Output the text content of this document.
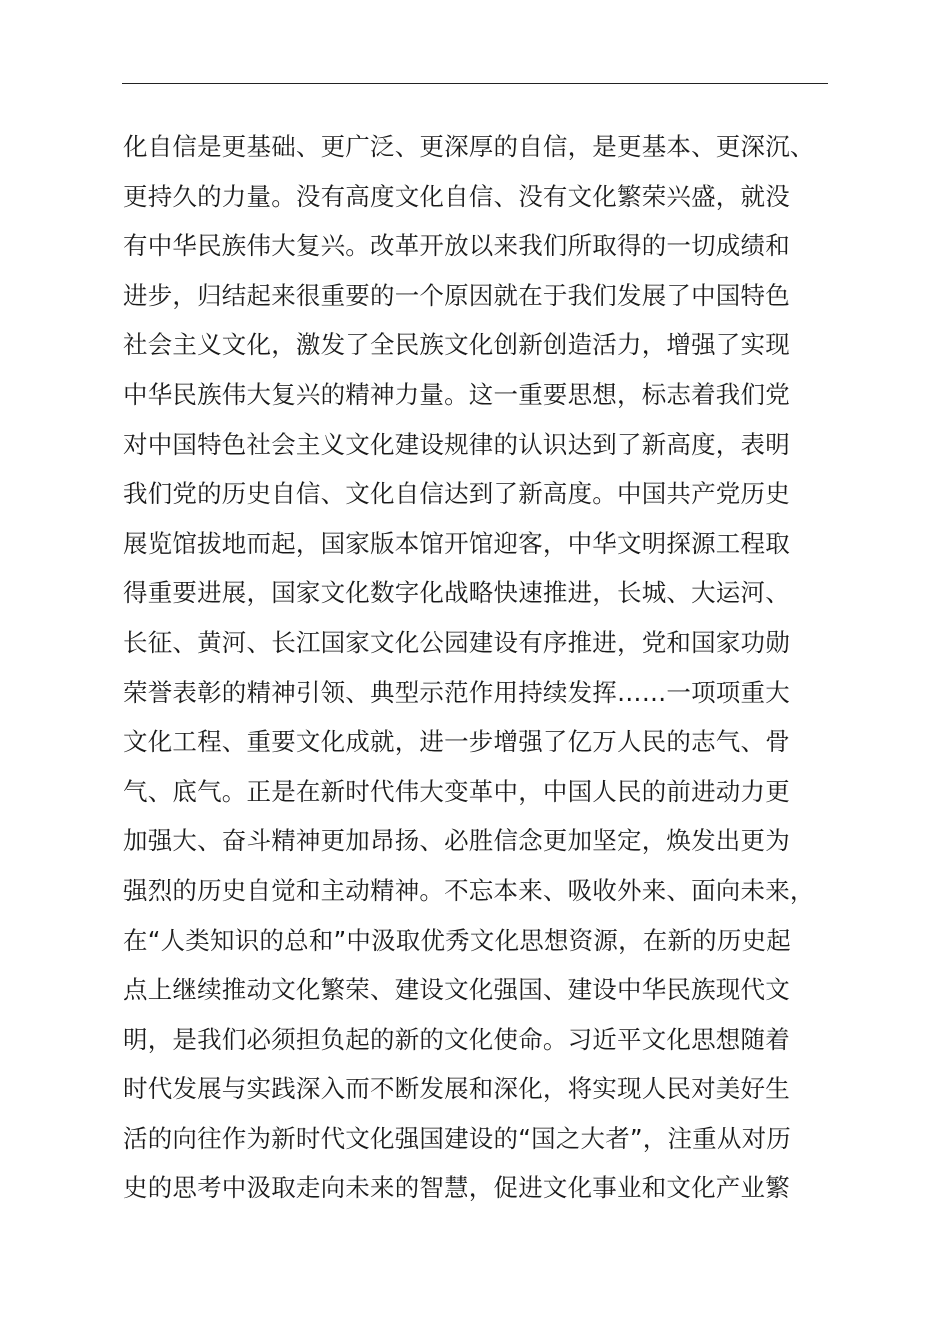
化自信是更基础、更广泛、更深厚的自信，是更基本、更深沉、
更持久的力量。没有高度文化自信、没有文化繁荣兴盛，就没
有中华民族伟大复兴。改革开放以来我们所取得的一切成绩和
进步，归结起来很重要的一个原因就在于我们发展了中国特色
社会主义文化，激发了全民族文化创新创造活力，增强了实现
中华民族伟大复兴的精神力量。这一重要思想，标志着我们党
对中国特色社会主义文化建设规律的认识达到了新高度，表明
我们党的历史自信、文化自信达到了新高度。中国共产党历史
展览馆拔地而起，国家版本馆开馆迎客，中华文明探源工程取
得重要进展，国家文化数字化战略快速推进，长城、大运河、
长征、黄河、长江国家文化公园建设有序推进，党和国家功勋
荣誉表彰的精神引领、典型示范作用持续发挥……一项项重大
文化工程、重要文化成就，进一步增强了亿万人民的志气、骨
气、底气。正是在新时代伟大变革中，中国人民的前进动力更
加强大、奋斗精神更加昂扬、必胜信念更加坚定，焕发出更为
强烈的历史自觉和主动精神。不忘本来、吸收外来、面向未来，
在“人类知识的总和”中汲取优秀文化思想资源，在新的历史起
点上继续推动文化繁荣、建设文化强国、建设中华民族现代文
明，是我们必须担负起的新的文化使命。习近平文化思想随着
时代发展与实践深入而不断发展和深化，将实现人民对美好生
活的向往作为新时代文化强国建设的“国之大者”，注重从对历
史的思考中汲取走向未来的智慧，促进文化事业和文化产业繁
